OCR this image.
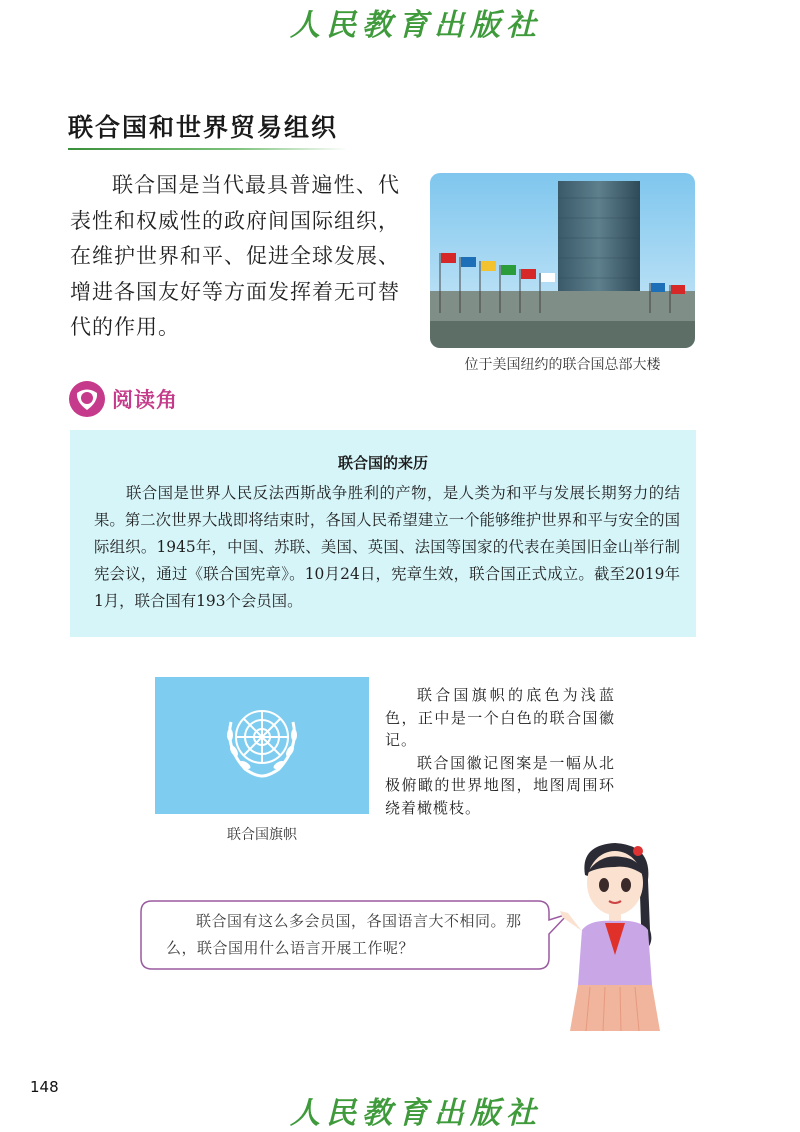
人民教育出版社
联合国和世界贸易组织

联合国是当代最具普遍性、代表性和权威性的政府间国际组织，在维护世界和平、促进全球发展、增进各国友好等方面发挥着无可替代的作用。

位于美国纽约的联合国总部大楼
阅读角
联合国的来历

联合国是世界人民反法西斯战争胜利的产物，是人类为和平与发展长期努力的结果。第二次世界大战即将结束时，各国人民希望建立一个能够维护世界和平与安全的国际组织。1945年，中国、苏联、美国、英国、法国等国家的代表在美国旧金山举行制宪会议，通过《联合国宪章》。10月24日，宪章生效，联合国正式成立。截至2019年1月，联合国有193个会员国。

联合国旗帜

联合国旗帜的底色为浅蓝色，正中是一个白色的联合国徽记。

联合国徽记图案是一幅从北极俯瞰的世界地图，地图周围环绕着橄榄枝。

联合国有这么多会员国，各国语言大不相同。那么，联合国用什么语言开展工作呢？

148
人民教育出版社
